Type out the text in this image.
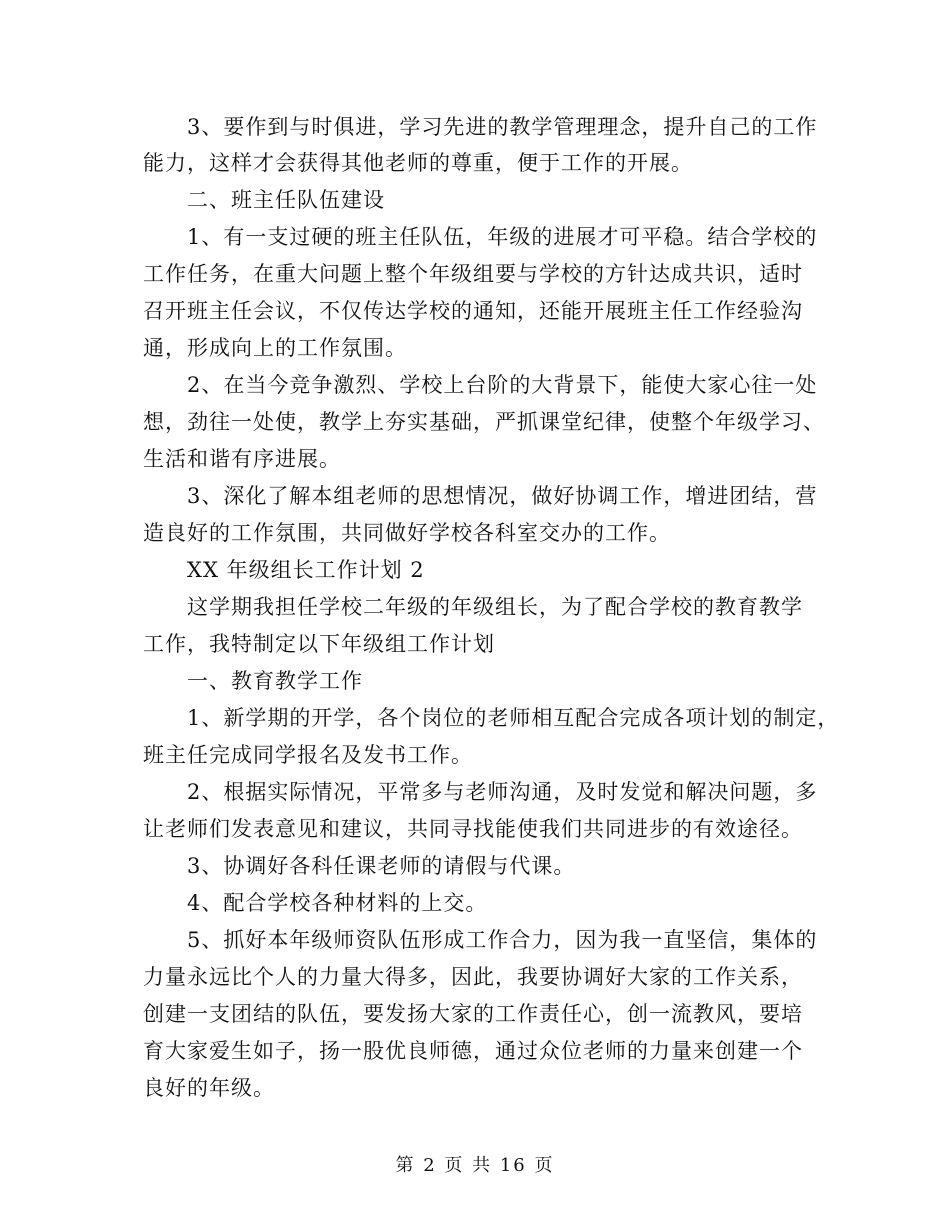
3、要作到与时俱进，学习先进的教学管理理念，提升自己的工作
能力，这样才会获得其他老师的尊重，便于工作的开展。
二、班主任队伍建设
1、有一支过硬的班主任队伍，年级的进展才可平稳。结合学校的
工作任务，在重大问题上整个年级组要与学校的方针达成共识，适时
召开班主任会议，不仅传达学校的通知，还能开展班主任工作经验沟
通，形成向上的工作氛围。
2、在当今竞争激烈、学校上台阶的大背景下，能使大家心往一处
想，劲往一处使，教学上夯实基础，严抓课堂纪律，使整个年级学习、
生活和谐有序进展。
3、深化了解本组老师的思想情况，做好协调工作，增进团结，营
造良好的工作氛围，共同做好学校各科室交办的工作。
XX 年级组长工作计划 2
这学期我担任学校二年级的年级组长，为了配合学校的教育教学
工作，我特制定以下年级组工作计划
一、教育教学工作
1、新学期的开学，各个岗位的老师相互配合完成各项计划的制定，
班主任完成同学报名及发书工作。
2、根据实际情况，平常多与老师沟通，及时发觉和解决问题，多
让老师们发表意见和建议，共同寻找能使我们共同进步的有效途径。
3、协调好各科任课老师的请假与代课。
4、配合学校各种材料的上交。
5、抓好本年级师资队伍形成工作合力，因为我一直坚信，集体的
力量永远比个人的力量大得多，因此，我要协调好大家的工作关系，
创建一支团结的队伍，要发扬大家的工作责任心，创一流教风，要培
育大家爱生如子，扬一股优良师德，通过众位老师的力量来创建一个
良好的年级。
第 2 页 共 16 页
